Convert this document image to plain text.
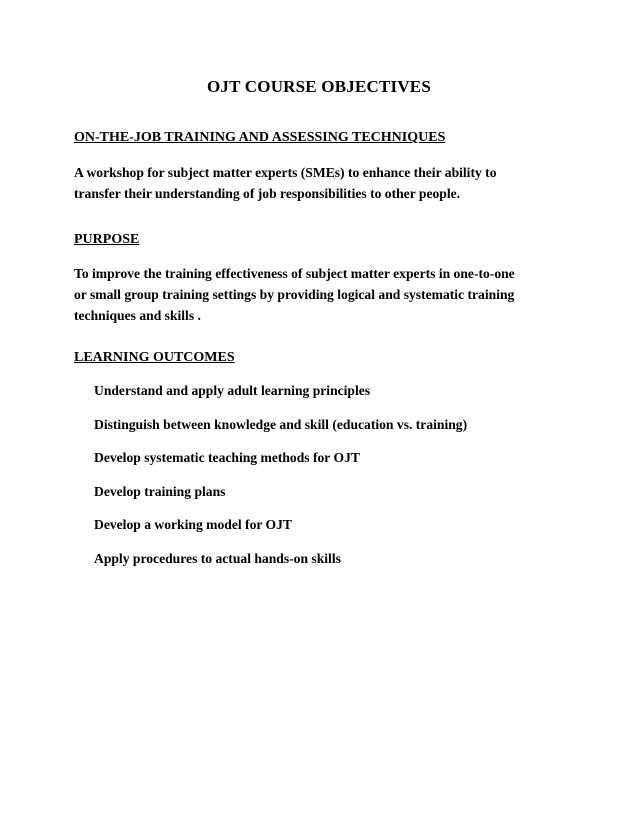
OJT COURSE OBJECTIVES
ON-THE-JOB TRAINING AND ASSESSING TECHNIQUES
A workshop for subject matter experts (SMEs) to enhance their ability to
transfer their understanding of job responsibilities to other people.
PURPOSE
To improve the training effectiveness of subject matter experts in one-to-one
or small group training settings by providing logical and systematic training
techniques and skills .
LEARNING OUTCOMES
Understand and apply adult learning principles
Distinguish between knowledge and skill (education vs. training)
Develop systematic teaching methods for OJT
Develop training plans
Develop a working model for OJT
Apply procedures to actual hands-on skills
